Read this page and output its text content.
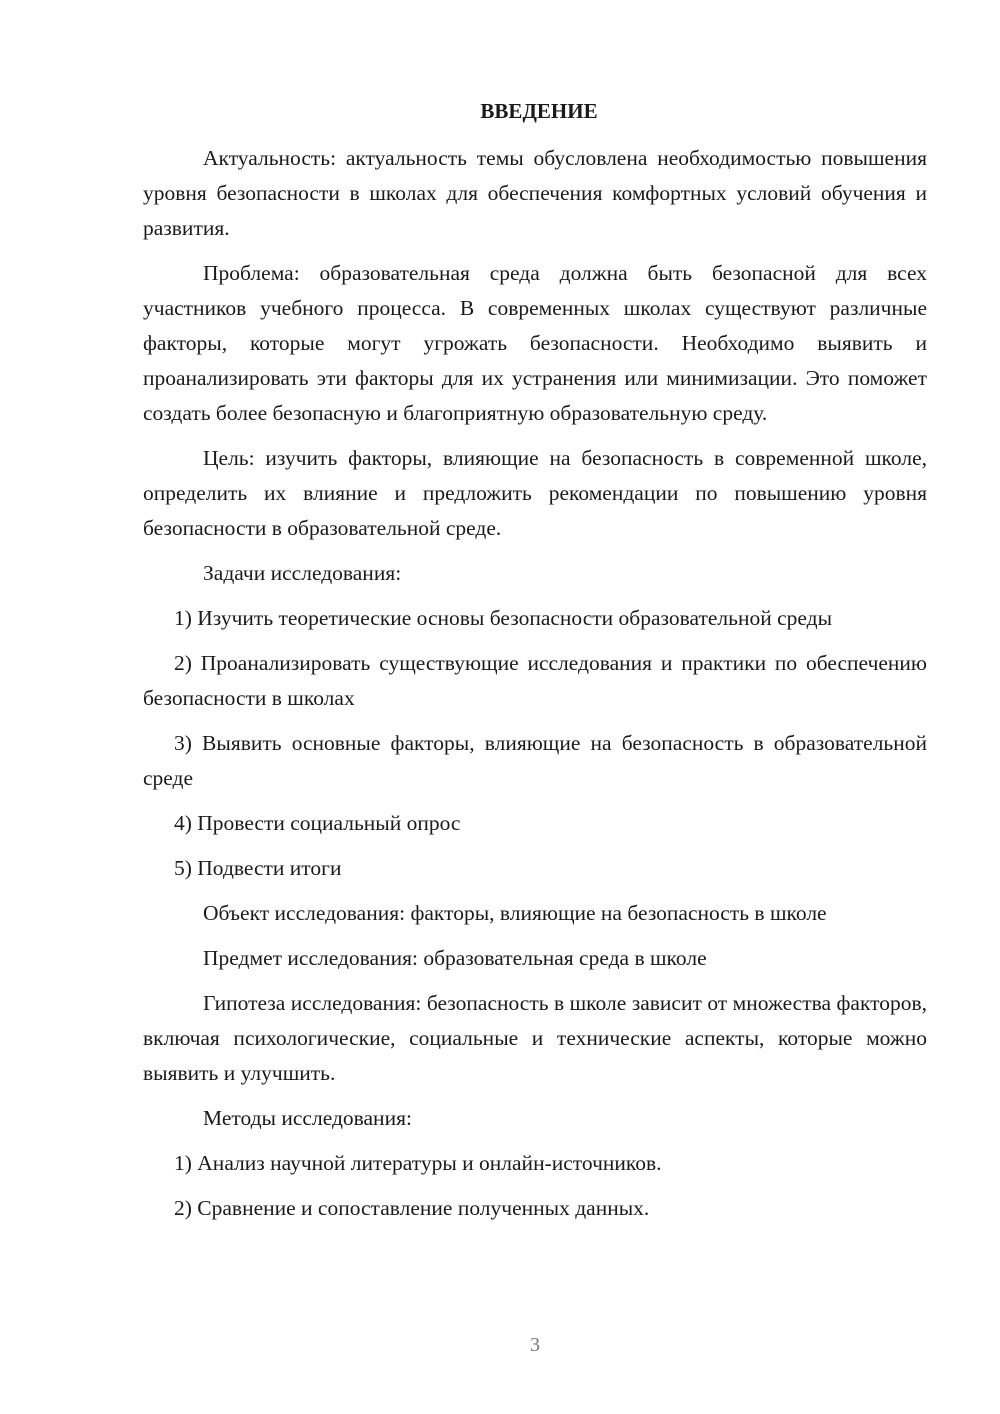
ВВЕДЕНИЕ
Актуальность: актуальность темы обусловлена необходимостью повышения уровня безопасности в школах для обеспечения комфортных условий обучения и развития.
Проблема: образовательная среда должна быть безопасной для всех участников учебного процесса. В современных школах существуют различные факторы, которые могут угрожать безопасности. Необходимо выявить и проанализировать эти факторы для их устранения или минимизации. Это поможет создать более безопасную и благоприятную образовательную среду.
Цель: изучить факторы, влияющие на безопасность в современной школе, определить их влияние и предложить рекомендации по повышению уровня безопасности в образовательной среде.
Задачи исследования:
1) Изучить теоретические основы безопасности образовательной среды
2) Проанализировать существующие исследования и практики по обеспечению безопасности в школах
3) Выявить основные факторы, влияющие на безопасность в образовательной среде
4) Провести социальный опрос
5) Подвести итоги
Объект исследования: факторы, влияющие на безопасность в школе
Предмет исследования: образовательная среда в школе
Гипотеза исследования: безопасность в школе зависит от множества факторов, включая психологические, социальные и технические аспекты, которые можно выявить и улучшить.
Методы исследования:
1) Анализ научной литературы и онлайн-источников.
2) Сравнение и сопоставление полученных данных.
3
